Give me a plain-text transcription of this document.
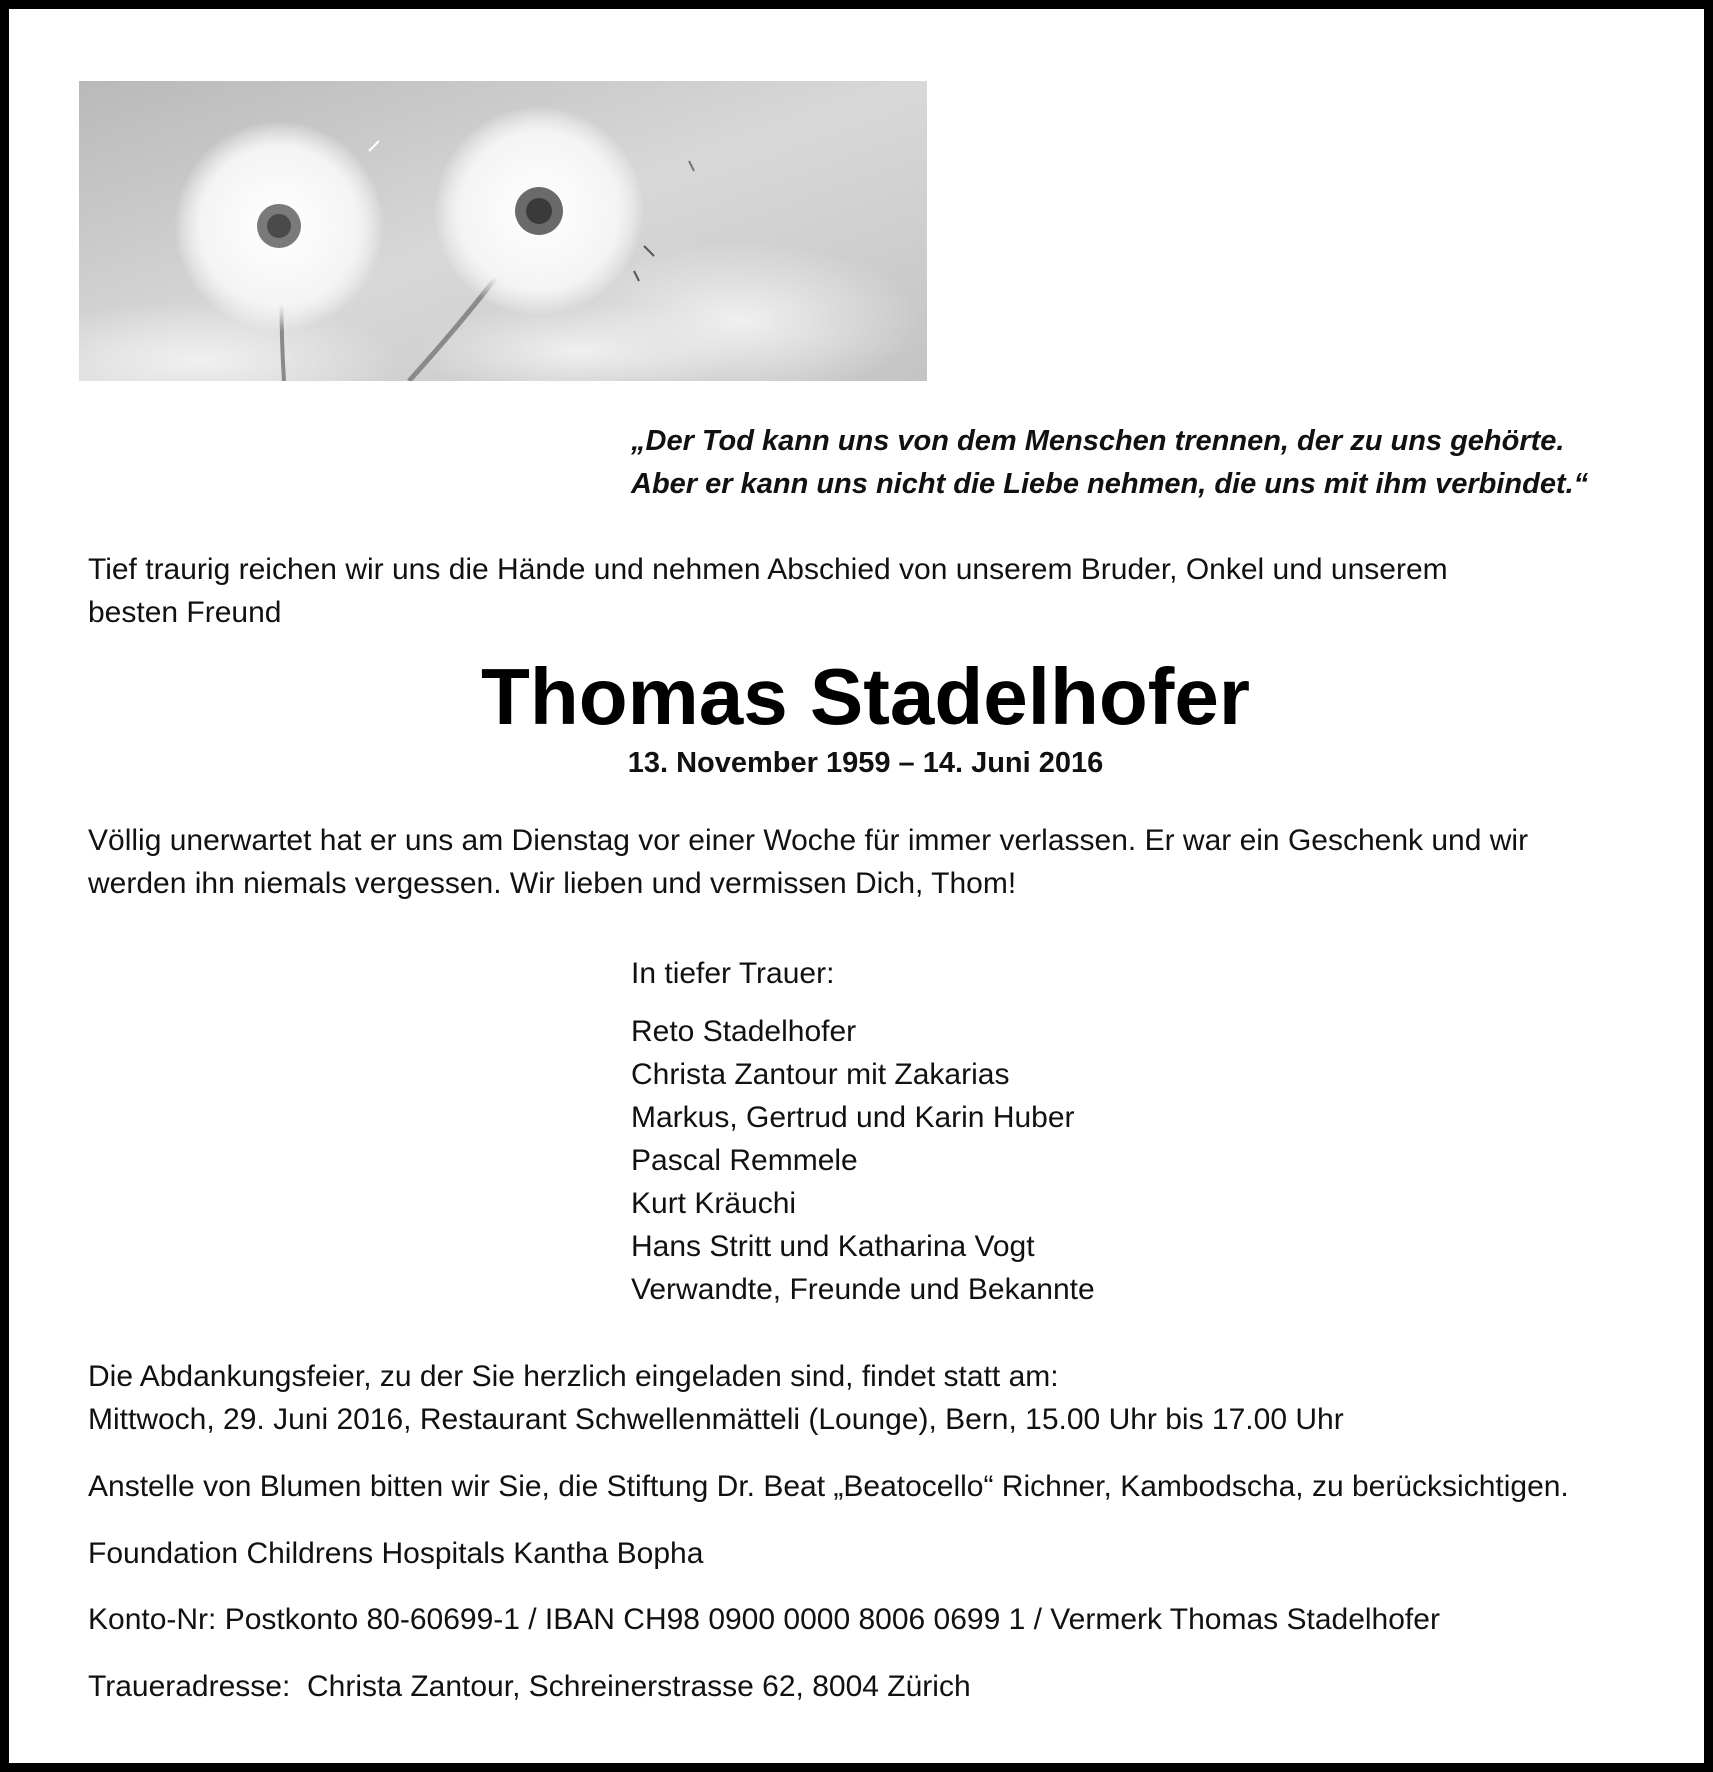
„Der Tod kann uns von dem Menschen trennen, der zu uns gehörte.
Aber er kann uns nicht die Liebe nehmen, die uns mit ihm verbindet.“
Tief traurig reichen wir uns die Hände und nehmen Abschied von unserem Bruder, Onkel und unserem
besten Freund
Thomas Stadelhofer
13. November 1959 – 14. Juni 2016
Völlig unerwartet hat er uns am Dienstag vor einer Woche für immer verlassen. Er war ein Geschenk und wir
werden ihn niemals vergessen. Wir lieben und vermissen Dich, Thom!
In tiefer Trauer:
Reto Stadelhofer
Christa Zantour mit Zakarias
Markus, Gertrud und Karin Huber
Pascal Remmele
Kurt Kräuchi
Hans Stritt und Katharina Vogt
Verwandte, Freunde und Bekannte
Die Abdankungsfeier, zu der Sie herzlich eingeladen sind, findet statt am:
Mittwoch, 29. Juni 2016, Restaurant Schwellenmätteli (Lounge), Bern, 15.00 Uhr bis 17.00 Uhr
Anstelle von Blumen bitten wir Sie, die Stiftung Dr. Beat „Beatocello“ Richner, Kambodscha, zu berücksichtigen.
Foundation Childrens Hospitals Kantha Bopha
Konto-Nr: Postkonto 80-60699-1 / IBAN CH98 0900 0000 8006 0699 1 / Vermerk Thomas Stadelhofer
Traueradresse:  Christa Zantour, Schreinerstrasse 62, 8004 Zürich
